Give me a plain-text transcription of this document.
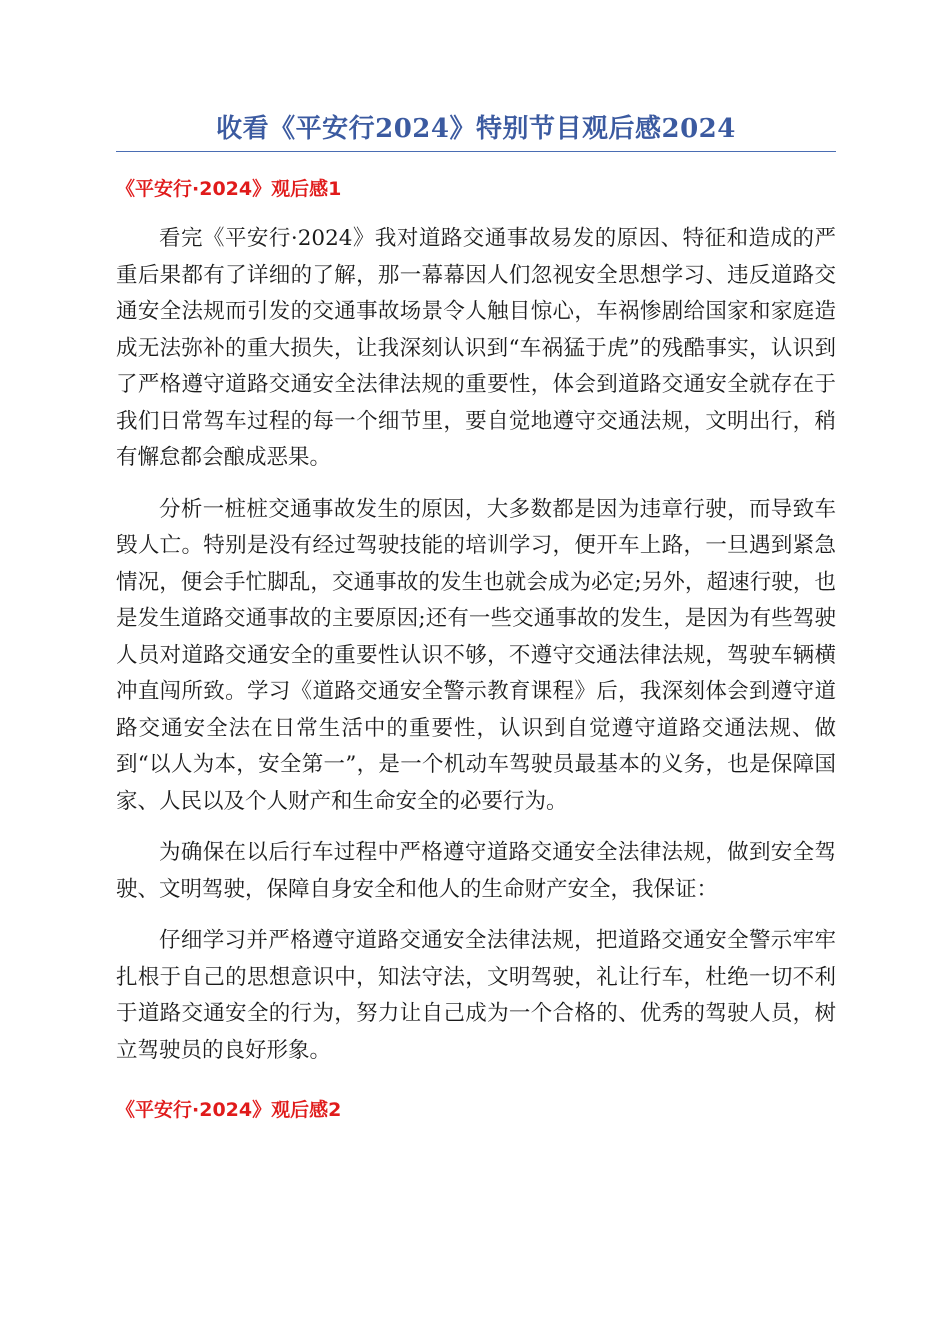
收看《平安行2024》特别节目观后感2024
《平安行·2024》观后感1

看完《平安行·2024》我对道路交通事故易发的原因、特征和造成的严重后果都有了详细的了解，那一幕幕因人们忽视安全思想学习、违反道路交通安全法规而引发的交通事故场景令人触目惊心，车祸惨剧给国家和家庭造成无法弥补的重大损失，让我深刻认识到“车祸猛于虎”的残酷事实，认识到了严格遵守道路交通安全法律法规的重要性，体会到道路交通安全就存在于我们日常驾车过程的每一个细节里，要自觉地遵守交通法规，文明出行，稍有懈怠都会酿成恶果。

分析一桩桩交通事故发生的原因，大多数都是因为违章行驶，而导致车毁人亡。特别是没有经过驾驶技能的培训学习，便开车上路，一旦遇到紧急情况，便会手忙脚乱，交通事故的发生也就会成为必定;另外，超速行驶，也是发生道路交通事故的主要原因;还有一些交通事故的发生，是因为有些驾驶人员对道路交通安全的重要性认识不够，不遵守交通法律法规，驾驶车辆横冲直闯所致。学习《道路交通安全警示教育课程》后，我深刻体会到遵守道路交通安全法在日常生活中的重要性，认识到自觉遵守道路交通法规、做到“以人为本，安全第一”，是一个机动车驾驶员最基本的义务，也是保障国家、人民以及个人财产和生命安全的必要行为。

为确保在以后行车过程中严格遵守道路交通安全法律法规，做到安全驾驶、文明驾驶，保障自身安全和他人的生命财产安全，我保证：

仔细学习并严格遵守道路交通安全法律法规，把道路交通安全警示牢牢扎根于自己的思想意识中，知法守法，文明驾驶，礼让行车，杜绝一切不利于道路交通安全的行为，努力让自己成为一个合格的、优秀的驾驶人员，树立驾驶员的良好形象。

《平安行·2024》观后感2
